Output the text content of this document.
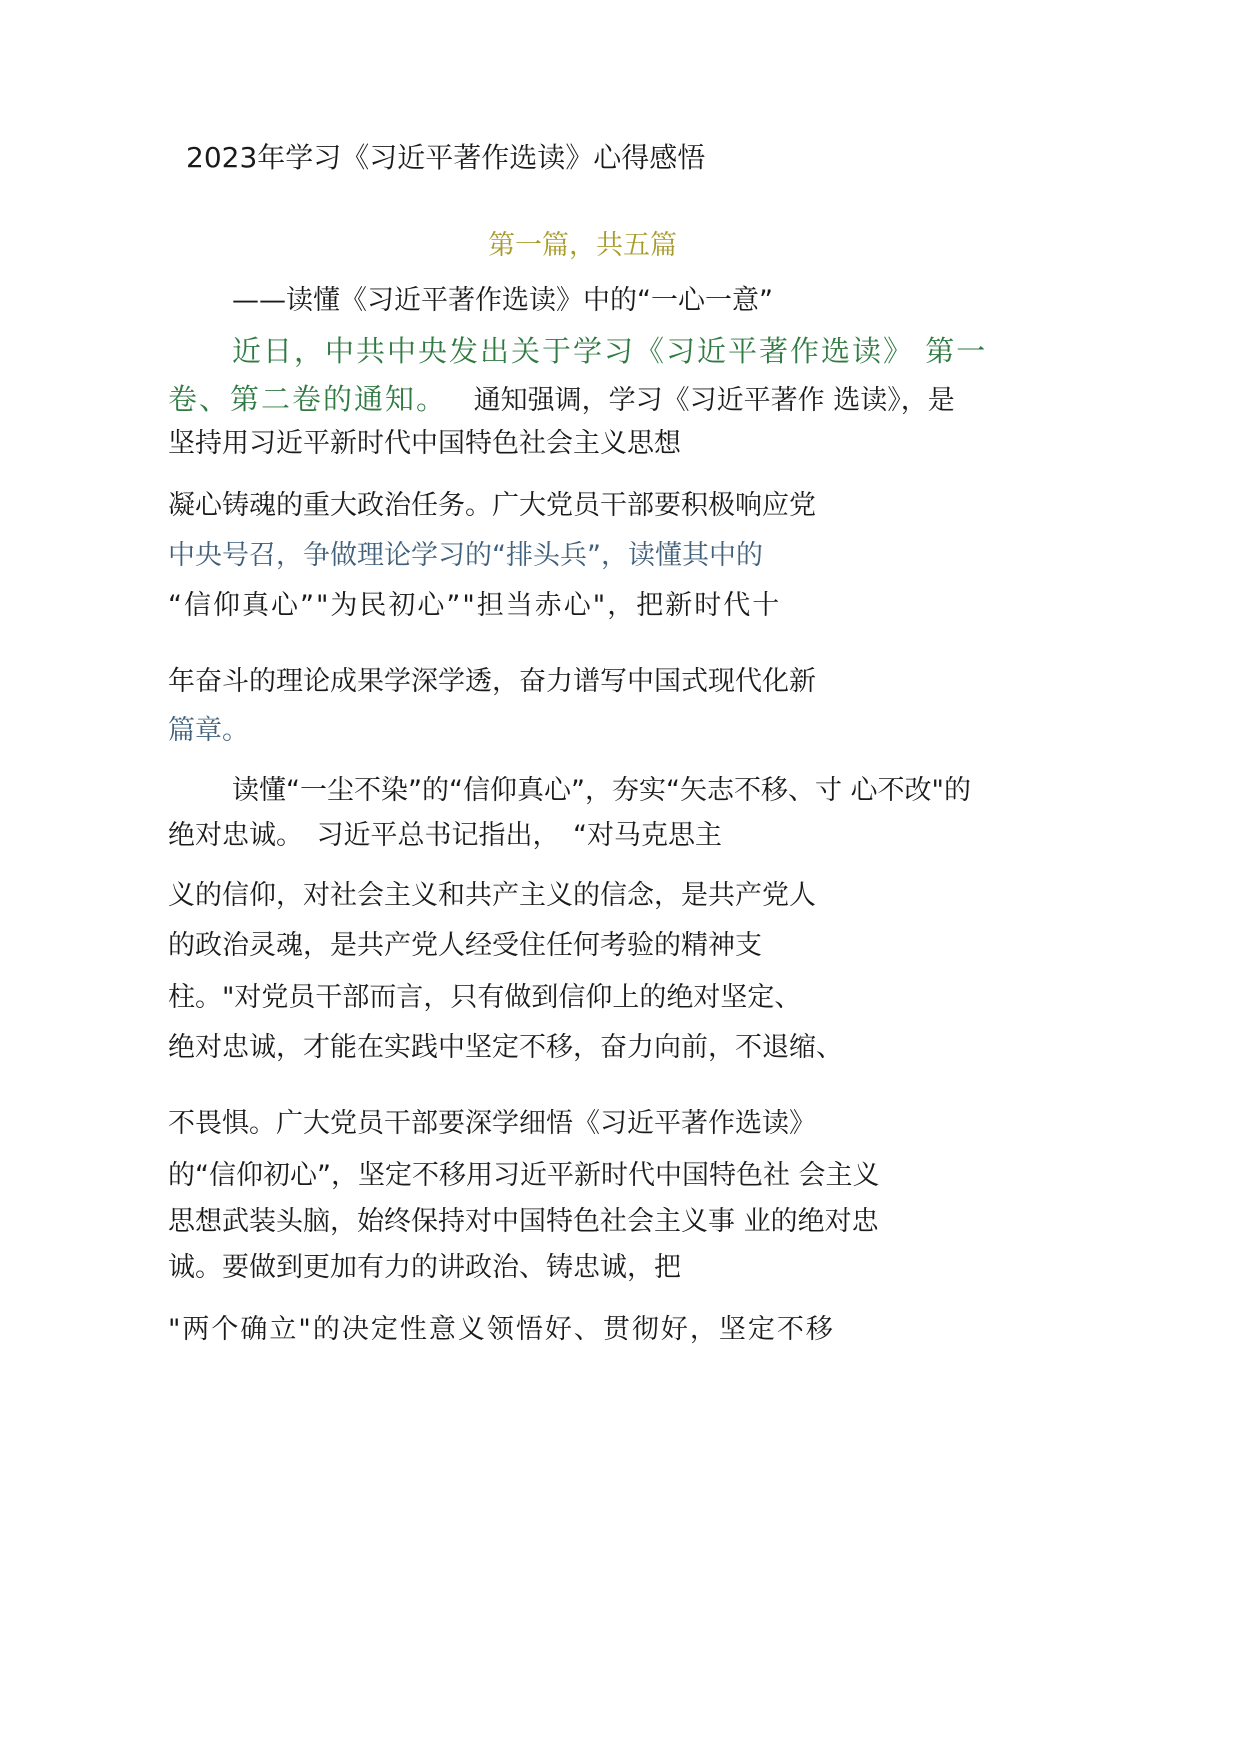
2023年学习《习近平著作选读》心得感悟

第一篇，共五篇

——读懂《习近平著作选读》中的“一心一意”

近日，中共中央发出关于学习《习近平著作选读》 第一

卷、第二卷的通知。 通知强调，学习《习近平著作 选读》，是

坚持用习近平新时代中国特色社会主义思想

凝心铸魂的重大政治任务。广大党员干部要积极响应党

中央号召，争做理论学习的“排头兵”，读懂其中的

“信仰真心”"为民初心”"担当赤心"，把新时代十

年奋斗的理论成果学深学透，奋力谱写中国式现代化新

篇章。

读懂“一尘不染”的“信仰真心”，夯实“矢志不移、寸 心不改"的

绝对忠诚。　习近平总书记指出，　“对马克思主

义的信仰，对社会主义和共产主义的信念，是共产党人

的政治灵魂，是共产党人经受住任何考验的精神支

柱。"对党员干部而言，只有做到信仰上的绝对坚定、

绝对忠诚，才能在实践中坚定不移，奋力向前，不退缩、

不畏惧。广大党员干部要深学细悟《习近平著作选读》

的“信仰初心”，坚定不移用习近平新时代中国特色社 会主义

思想武装头脑，始终保持对中国特色社会主义事 业的绝对忠

诚。要做到更加有力的讲政治、铸忠诚，把

"两个确立"的决定性意义领悟好、贯彻好，坚定不移
